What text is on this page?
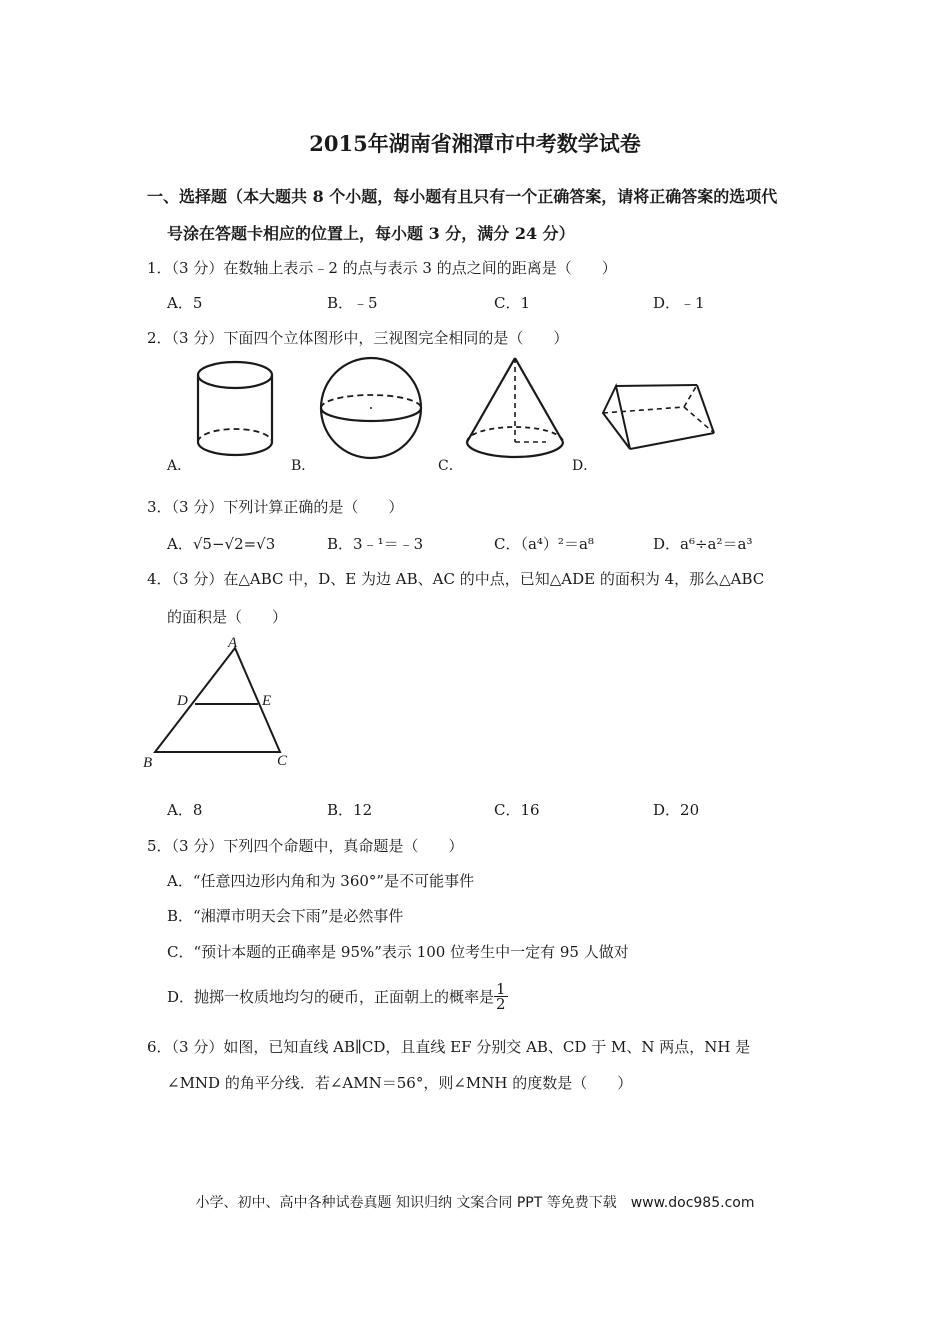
2015年湖南省湘潭市中考数学试卷
一、选择题（本大题共 8 个小题，每小题有且只有一个正确答案，请将正确答案的选项代
号涂在答题卡相应的位置上，每小题 3 分，满分 24 分）
1．（3 分）在数轴上表示﹣2 的点与表示 3 的点之间的距离是（　　）
A．5	B．﹣5	C．1	D．﹣1
2．（3 分）下面四个立体图形中，三视图完全相同的是（　　）
A．	B．	C．	D．
3．（3 分）下列计算正确的是（　　）
A．√5−√2=√3	B．3﹣¹＝﹣3	C．（a⁴）²＝a⁸	D．a⁶÷a²＝a³
4．（3 分）在△ABC 中，D、E 为边 AB、AC 的中点，已知△ADE 的面积为 4，那么△ABC
的面积是（　　）
A
D	E
B	C
A．8	B．12	C．16	D．20
5．（3 分）下列四个命题中，真命题是（　　）
A．“任意四边形内角和为 360°”是不可能事件
B．“湘潭市明天会下雨”是必然事件
C．“预计本题的正确率是 95%”表示 100 位考生中一定有 95 人做对
D．抛掷一枚质地均匀的硬币，正面朝上的概率是 $\frac{1}{2}$
6．（3 分）如图，已知直线 AB∥CD，且直线 EF 分别交 AB、CD 于 M、N 两点，NH 是
∠MND 的角平分线．若∠AMN＝56°，则∠MNH 的度数是（　　）
小学、初中、高中各种试卷真题 知识归纳 文案合同 PPT 等免费下载　www.doc985.com
